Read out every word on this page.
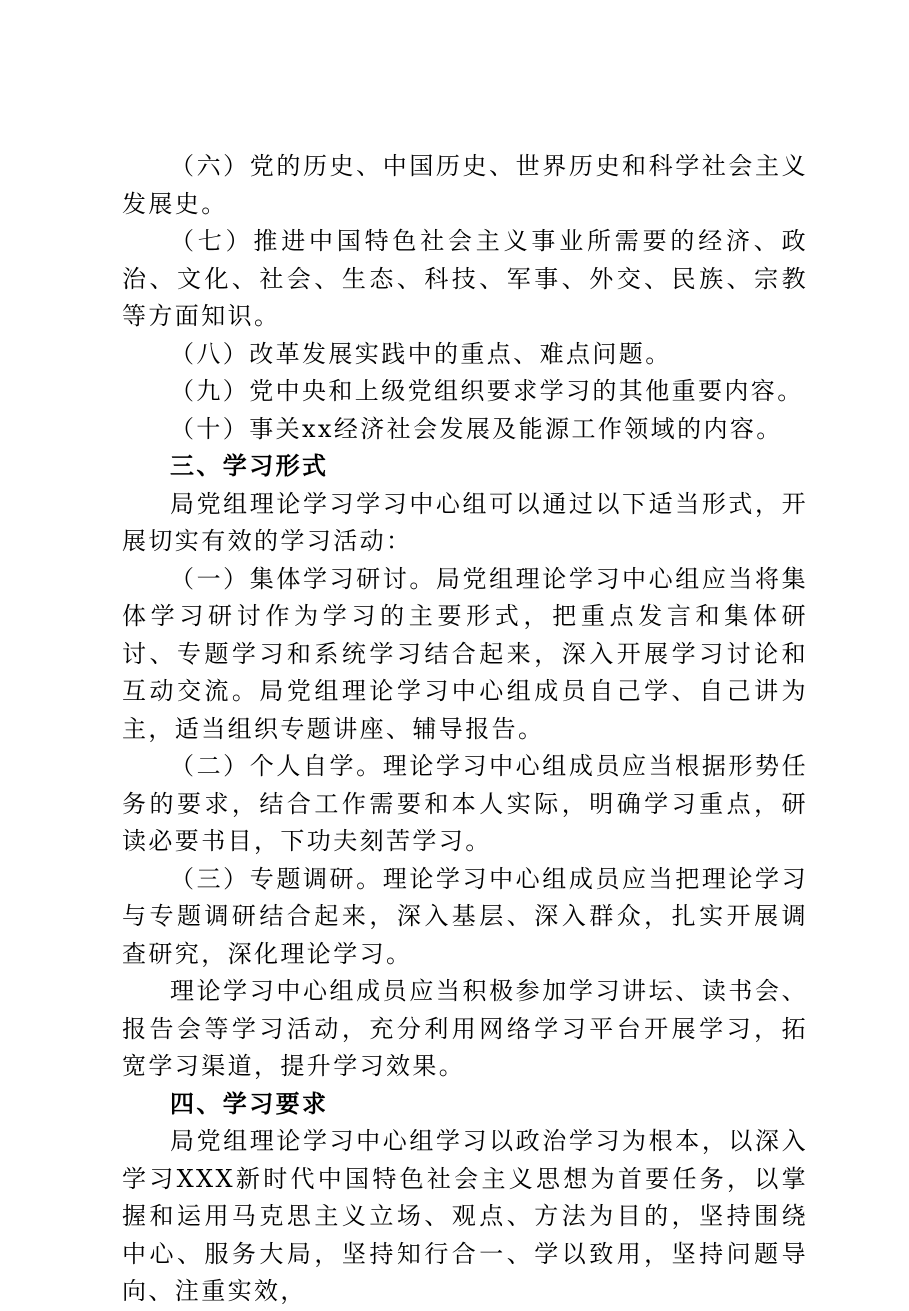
（六）党的历史、中国历史、世界历史和科学社会主义发展史。

（七）推进中国特色社会主义事业所需要的经济、政治、文化、社会、生态、科技、军事、外交、民族、宗教等方面知识。

（八）改革发展实践中的重点、难点问题。

（九）党中央和上级党组织要求学习的其他重要内容。

（十）事关xx经济社会发展及能源工作领域的内容。

三、学习形式

局党组理论学习学习中心组可以通过以下适当形式，开展切实有效的学习活动：

（一）集体学习研讨。局党组理论学习中心组应当将集体学习研讨作为学习的主要形式，把重点发言和集体研讨、专题学习和系统学习结合起来，深入开展学习讨论和互动交流。局党组理论学习中心组成员自己学、自己讲为主，适当组织专题讲座、辅导报告。

（二）个人自学。理论学习中心组成员应当根据形势任务的要求，结合工作需要和本人实际，明确学习重点，研读必要书目，下功夫刻苦学习。

（三）专题调研。理论学习中心组成员应当把理论学习与专题调研结合起来，深入基层、深入群众，扎实开展调查研究，深化理论学习。

理论学习中心组成员应当积极参加学习讲坛、读书会、报告会等学习活动，充分利用网络学习平台开展学习，拓宽学习渠道，提升学习效果。

四、学习要求

局党组理论学习中心组学习以政治学习为根本，以深入学习XXX新时代中国特色社会主义思想为首要任务，以掌握和运用马克思主义立场、观点、方法为目的，坚持围绕中心、服务大局，坚持知行合一、学以致用，坚持问题导向、注重实效，
